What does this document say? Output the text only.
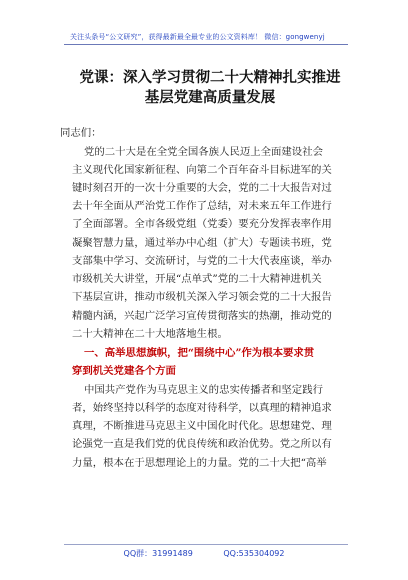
关注头条号“公文研究”，获得最新最全最专业的公文资料库！ 微信：gongwenyj
党课：深入学习贯彻二十大精神扎实推进
基层党建高质量发展
同志们：
党的二十大是在全党全国各族人民迈上全面建设社会
主义现代化国家新征程、向第二个百年奋斗目标进军的关
键时刻召开的一次十分重要的大会，党的二十大报告对过
去十年全面从严治党工作作了总结，对未来五年工作进行
了全面部署。全市各级党组（党委）要充分发挥表率作用
凝聚智慧力量，通过举办中心组（扩大）专题读书班，党
支部集中学习、交流研讨，与党的二十大代表座谈，举办
市级机关大讲堂，开展“点单式”党的二十大精神进机关
下基层宣讲，推动市级机关深入学习领会党的二十大报告
精髓内涵，兴起广泛学习宣传贯彻落实的热潮，推动党的
二十大精神在二十大地落地生根。
一、高举思想旗帜，把“围绕中心”作为根本要求贯
穿到机关党建各个方面
中国共产党作为马克思主义的忠实传播者和坚定践行
者，始终坚持以科学的态度对待科学，以真理的精神追求
真理，不断推进马克思主义中国化时代化。思想建党、理
论强党一直是我们党的优良传统和政治优势。党之所以有
力量，根本在于思想理论上的力量。党的二十大把“高举
QQ群：31991489	QQ:535304092
